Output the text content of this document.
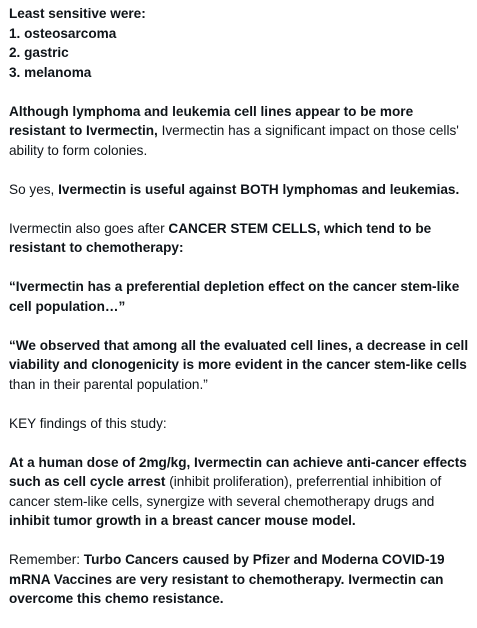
Least sensitive were:
1. osteosarcoma
2. gastric
3. melanoma

Although lymphoma and leukemia cell lines appear to be more resistant to Ivermectin, Ivermectin has a significant impact on those cells' ability to form colonies.

So yes, Ivermectin is useful against BOTH lymphomas and leukemias.

Ivermectin also goes after CANCER STEM CELLS, which tend to be resistant to chemotherapy:

“Ivermectin has a preferential depletion effect on the cancer stem-like cell population…”

“We observed that among all the evaluated cell lines, a decrease in cell viability and clonogenicity is more evident in the cancer stem-like cells than in their parental population.”

KEY findings of this study:

At a human dose of 2mg/kg, Ivermectin can achieve anti-cancer effects such as cell cycle arrest (inhibit proliferation), preferrential inhibition of cancer stem-like cells, synergize with several chemotherapy drugs and inhibit tumor growth in a breast cancer mouse model.

Remember: Turbo Cancers caused by Pfizer and Moderna COVID-19 mRNA Vaccines are very resistant to chemotherapy. Ivermectin can overcome this chemo resistance.
